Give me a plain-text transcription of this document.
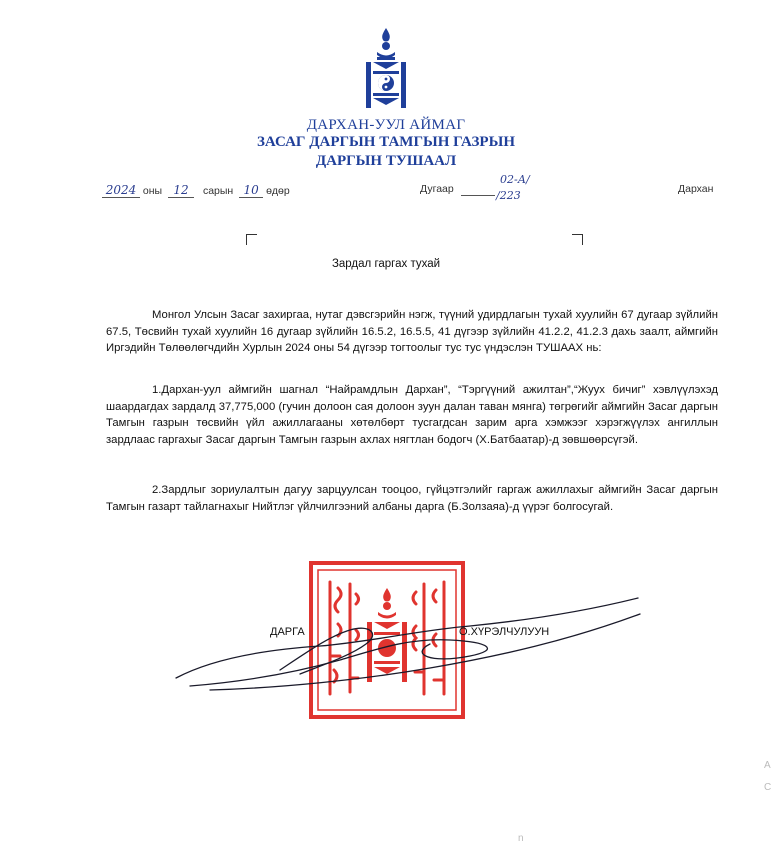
ДАРХАН-УУЛ АЙМАГ
ЗАСАГ ДАРГЫН ТАМГЫН ГАЗРЫН
ДАРГЫН ТУШААЛ
2024 оны 12 сарын 10 өдөр	Дугаар
02-А/
/223	Дархан
Зардал гаргах тухай
Монгол Улсын Засаг захиргаа, нутаг дэвсгэрийн нэгж, түүний удирдлагын тухай хуулийн 67 дугаар зүйлийн 67.5, Төсвийн тухай хуулийн 16 дугаар зүйлийн 16.5.2, 16.5.5, 41 дүгээр зүйлийн 41.2.2, 41.2.3 дахь заалт, аймгийн Иргэдийн Төлөөлөгчдийн Хурлын 2024 оны 54 дүгээр тогтоолыг тус тус үндэслэн ТУШААХ нь:
1.Дархан-уул аймгийн шагнал “Найрамдлын Дархан”, “Тэргүүний ажилтан”,“Жуух бичиг” хэвлүүлэхэд шаардагдах зардалд 37,775,000 (гучин долоон сая долоон зуун далан таван мянга) төгрөгийг аймгийн Засаг даргын Тамгын газрын төсвийн үйл ажиллагааны хөтөлбөрт тусгагдсан зарим арга хэмжээг хэрэгжүүлэх ангиллын зардлаас гаргахыг Засаг даргын Тамгын газрын ахлах нягтлан бодогч (Х.Батбаатар)-д зөвшөөрсүгэй.
2.Зардлыг зориулалтын дагуу зарцуулсан тооцоо, гүйцэтгэлийг гаргаж ажиллахыг аймгийн Засаг даргын Тамгын газарт тайлагнахыг Нийтлэг үйлчилгээний албаны дарга (Б.Золзаяа)-д үүрэг болгосугай.
ДАРГА	О.ХҮРЭЛЧУЛУУН
A
C
n
